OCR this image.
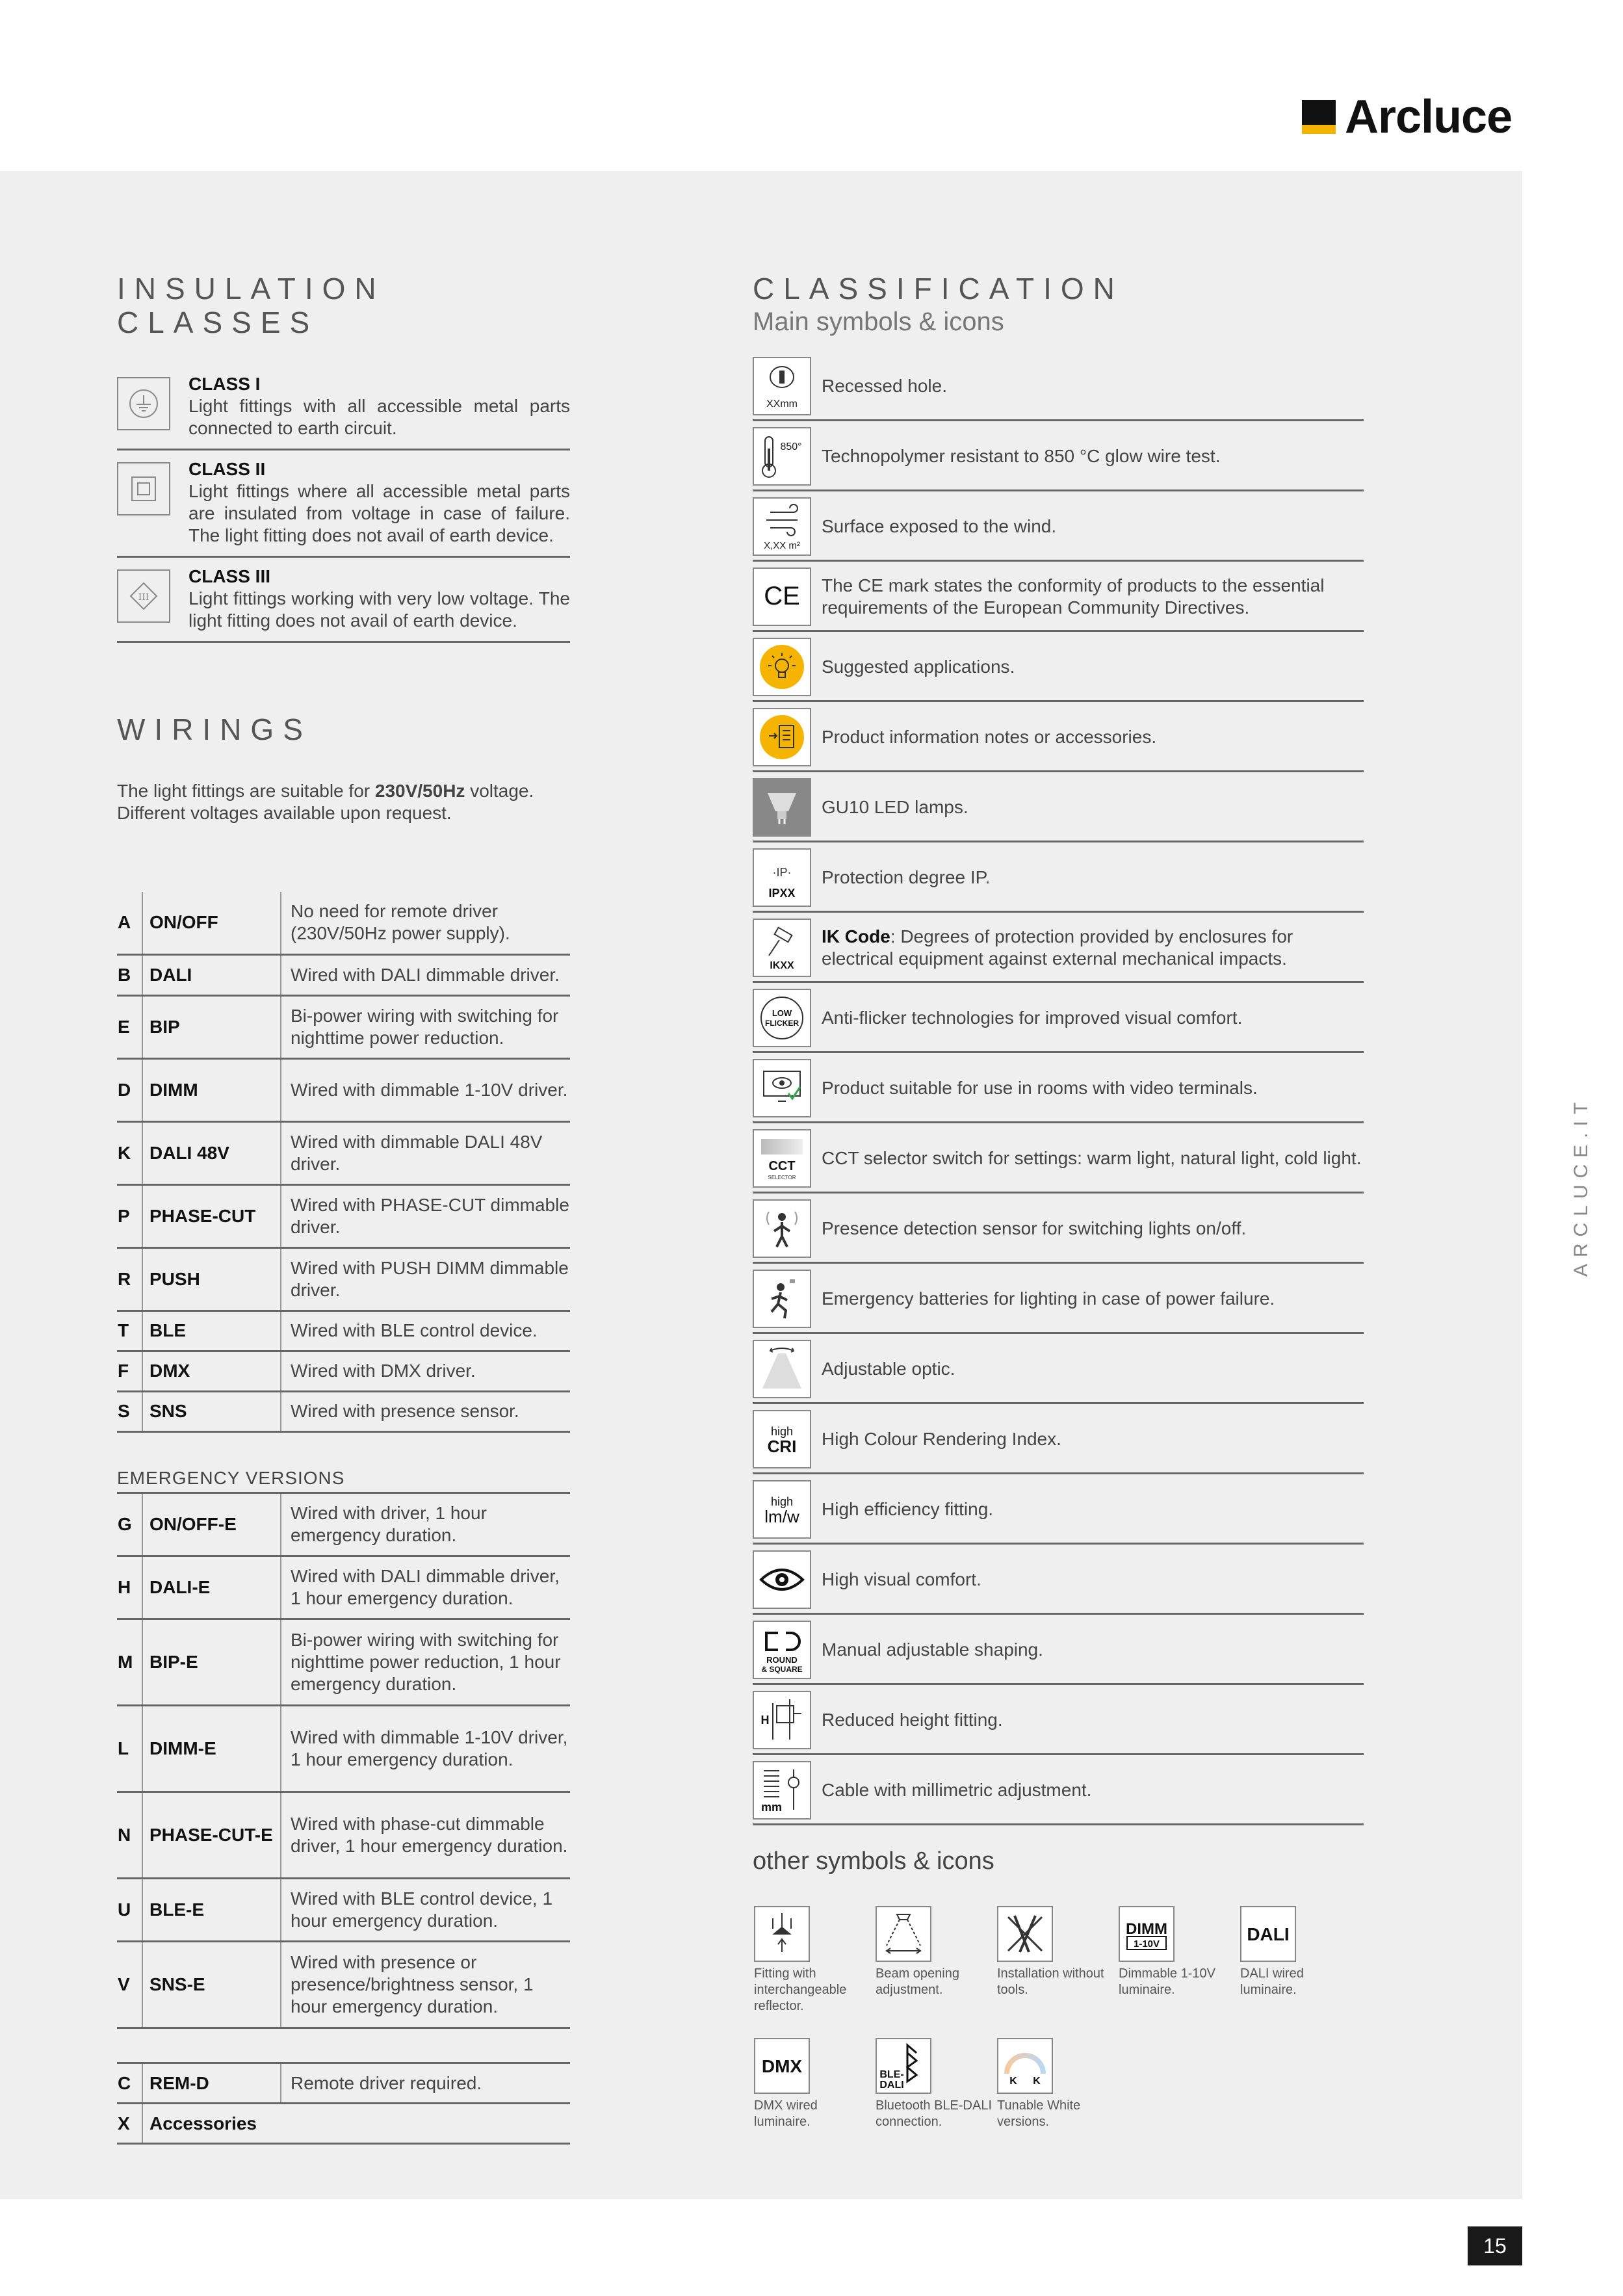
Arcluce
INSULATION
CLASSES
CLASS I
Light fittings with all accessible metal parts connected to earth circuit.
CLASS II
Light fittings where all accessible metal parts are insulated from voltage in case of failure. The light fitting does not avail of earth device.
III
CLASS III
Light fittings working with very low voltage. The light fitting does not avail of earth device.
WIRINGS
The light fittings are suitable for 230V/50Hz voltage. Different voltages available upon request.
A	ON/OFF	No need for remote driver (230V/50Hz power supply).
B	DALI	Wired with DALI dimmable driver.
E	BIP	Bi-power wiring with switching for nighttime power reduction.
D	DIMM	Wired with dimmable 1-10V driver.
K	DALI 48V	Wired with dimmable DALI 48V driver.
P	PHASE-CUT	Wired with PHASE-CUT dimmable driver.
R	PUSH	Wired with PUSH DIMM dimmable driver.
T	BLE	Wired with BLE control device.
F	DMX	Wired with DMX driver.
S	SNS	Wired with presence sensor.
EMERGENCY VERSIONS
G	ON/OFF-E	Wired with driver, 1 hour emergency duration.
H	DALI-E	Wired with DALI dimmable driver, 1 hour emergency duration.
M	BIP-E	Bi-power wiring with switching for nighttime power reduction, 1 hour emergency duration.
L	DIMM-E	Wired with dimmable 1-10V driver, 1 hour emergency duration.
N	PHASE-CUT-E	Wired with phase-cut dimmable driver, 1 hour emergency duration.
U	BLE-E	Wired with BLE control device, 1 hour emergency duration.
V	SNS-E	Wired with presence or presence/brightness sensor, 1 hour emergency duration.
C	REM-D	Remote driver required.
X	Accessories	
CLASSIFICATION
Main symbols & icons
XXmm
Recessed hole.
850° Technopolymer resistant to 850 °C glow wire test.
X,XX m²
Surface exposed to the wind.
CE The CE mark states the conformity of products to the essential requirements of the European Community Directives.
Suggested applications.
Product information notes or accessories.
GU10 LED lamps.
·IP·
IPXX
Protection degree IP.
IKXX
IK Code: Degrees of protection provided by enclosures for electrical equipment against external mechanical impacts.
LOW
FLICKER Anti-flicker technologies for improved visual comfort.
Product suitable for use in rooms with video terminals.
CCT
SELECTOR
CCT selector switch for settings: warm light, natural light, cold light.
Presence detection sensor for switching lights on/off.
Emergency batteries for lighting in case of power failure.
Adjustable optic.
high
CRI High Colour Rendering Index.
high
lm/w High efficiency fitting.
High visual comfort.
ROUND
& SQUARE
Manual adjustable shaping.
H	Reduced height fitting.
mm
Cable with millimetric adjustment.
other symbols & icons
Fitting with interchangeable reflector.
Beam opening adjustment.
Installation without tools.
DIMM
1-10V
Dimmable 1-10V luminaire.
DALI
DALI wired luminaire.
DMX
DMX wired luminaire.
BLE-
DALI
Bluetooth BLE-DALI connection.
K K
Tunable White versions.
ARCLUCE.IT
15
